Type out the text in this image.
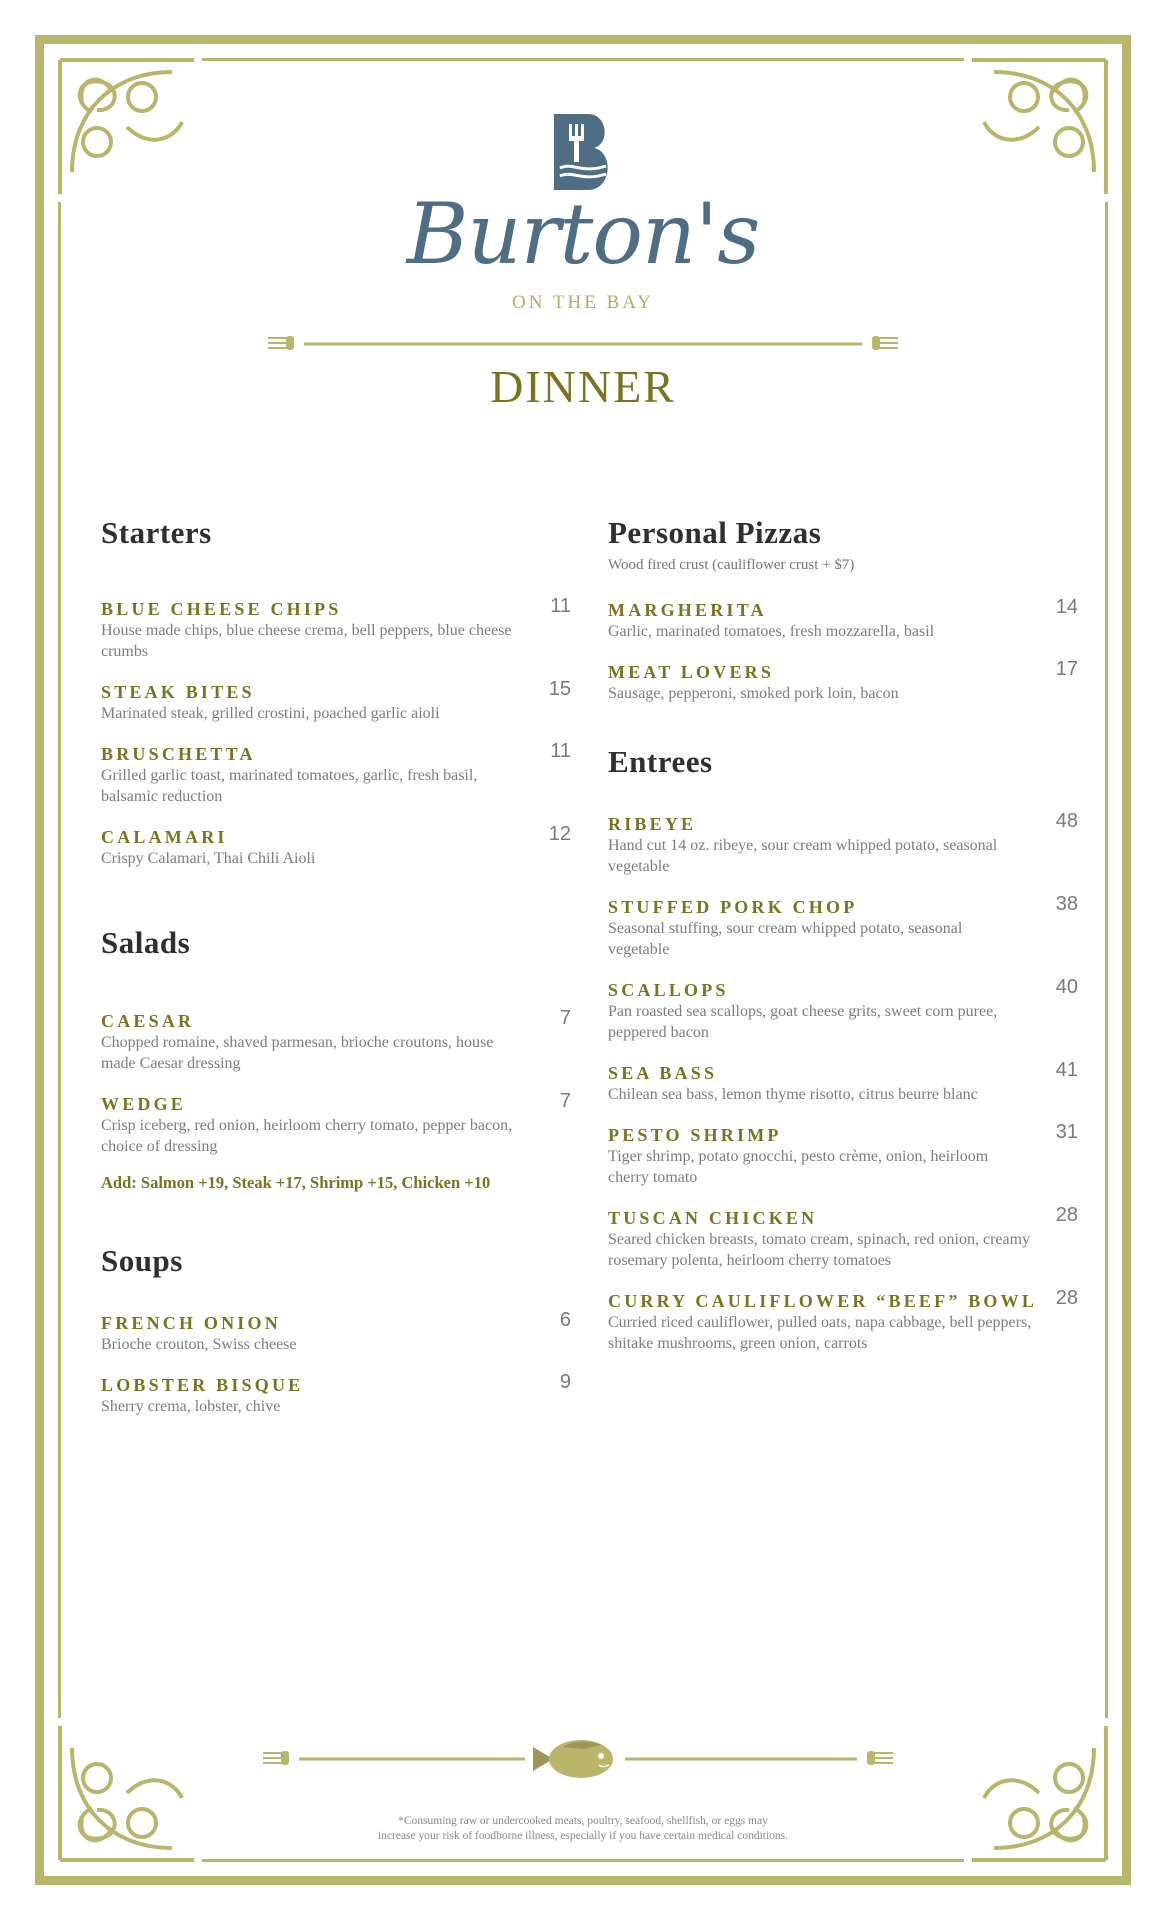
Burton's
ON THE BAY
DINNER
Starters
BLUE CHEESE CHIPS
House made chips, blue cheese crema, bell peppers, blue cheese crumbs
11
STEAK BITES
Marinated steak, grilled crostini, poached garlic aioli
15
BRUSCHETTA
Grilled garlic toast, marinated tomatoes, garlic, fresh basil, balsamic reduction
11
CALAMARI
Crispy Calamari, Thai Chili Aioli
12
Salads
CAESAR
Chopped romaine, shaved parmesan, brioche croutons, house made Caesar dressing
7
WEDGE
Crisp iceberg, red onion, heirloom cherry tomato, pepper bacon, choice of dressing
7
Add: Salmon +19, Steak +17, Shrimp +15, Chicken +10
Soups
FRENCH ONION
Brioche crouton, Swiss cheese
6
LOBSTER BISQUE
Sherry crema, lobster, chive
9
Personal Pizzas
Wood fired crust (cauliflower crust + $7)
MARGHERITA
Garlic, marinated tomatoes, fresh mozzarella, basil
14
MEAT LOVERS
Sausage, pepperoni, smoked pork loin, bacon
17
Entrees
RIBEYE
Hand cut 14 oz. ribeye, sour cream whipped potato, seasonal vegetable
48
STUFFED PORK CHOP
Seasonal stuffing, sour cream whipped potato, seasonal vegetable
38
SCALLOPS
Pan roasted sea scallops, goat cheese grits, sweet corn puree, peppered bacon
40
SEA BASS
Chilean sea bass, lemon thyme risotto, citrus beurre blanc
41
PESTO SHRIMP
Tiger shrimp, potato gnocchi, pesto crème, onion, heirloom cherry tomato
31
TUSCAN CHICKEN
Seared chicken breasts, tomato cream, spinach, red onion, creamy rosemary polenta, heirloom cherry tomatoes
28
CURRY CAULIFLOWER “BEEF” BOWL
Curried riced cauliflower, pulled oats, napa cabbage, bell peppers, shitake mushrooms, green onion, carrots
28
*Consuming raw or undercooked meats, poultry, seafood, shellfish, or eggs may
increase your risk of foodborne illness, especially if you have certain medical conditions.
